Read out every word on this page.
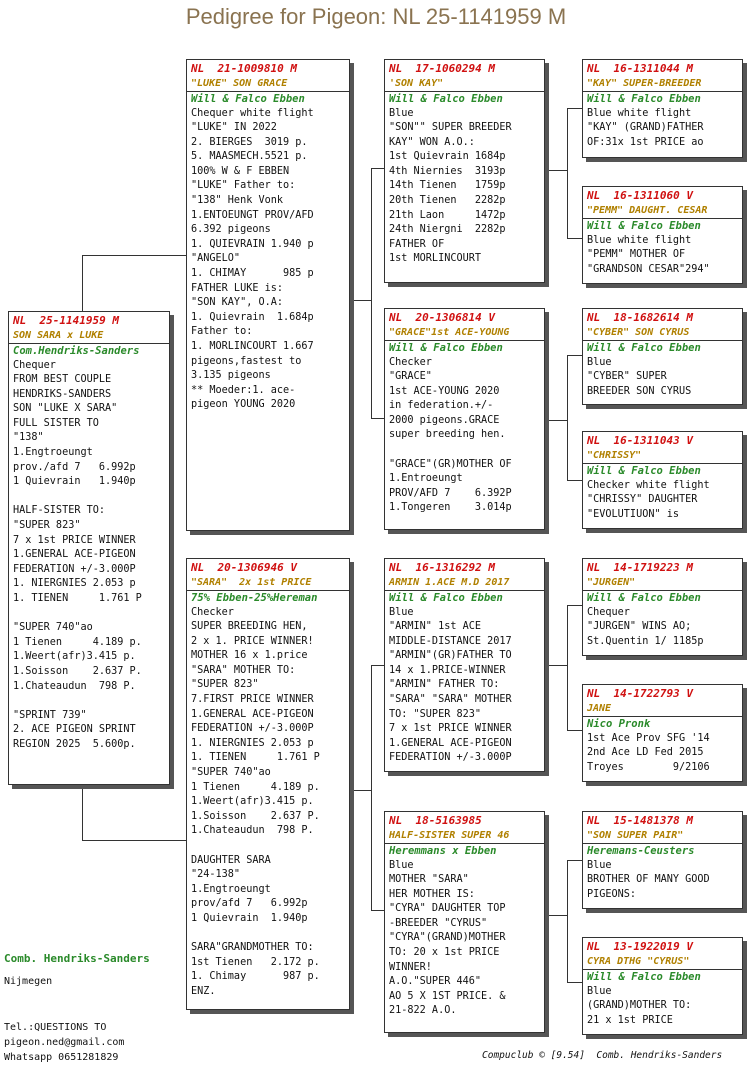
Pedigree for Pigeon: NL 25-1141959 M
NL  25-1141959 M
SON SARA x LUKE
Com.Hendriks-Sanders
Chequer
FROM BEST COUPLE
HENDRIKS-SANDERS
SON "LUKE X SARA"
FULL SISTER TO
"138"
1.Engtroeungt
prov./afd 7   6.992p
1 Quievrain   1.940p

HALF-SISTER TO:
"SUPER 823"
7 x 1st PRICE WINNER
1.GENERAL ACE-PIGEON
FEDERATION +/-3.000P
1. NIERGNIES 2.053 p
1. TIENEN     1.761 P

"SUPER 740"ao
1 Tienen     4.189 p.
1.Weert(afr)3.415 p.
1.Soisson    2.637 P.
1.Chateaudun  798 P.

"SPRINT 739"
2. ACE PIGEON SPRINT
REGION 2025  5.600p.
NL  21-1009810 M
"LUKE" SON GRACE
Will & Falco Ebben
Chequer white flight
"LUKE" IN 2022
2. BIERGES  3019 p.
5. MAASMECH.5521 p.
100% W & F EBBEN
"LUKE" Father to:
"138" Henk Vonk
1.ENTOEUNGT PROV/AFD
6.392 pigeons
1. QUIEVRAIN 1.940 p
"ANGELO"
1. CHIMAY      985 p
FATHER LUKE is:
"SON KAY", O.A:
1. Quievrain  1.684p
Father to:
1. MORLINCOURT 1.667
pigeons,fastest to
3.135 pigeons
** Moeder:1. ace-
pigeon YOUNG 2020
NL  20-1306946 V
"SARA"  2x 1st PRICE
75% Ebben-25%Hereman
Checker
SUPER BREEDING HEN,
2 x 1. PRICE WINNER!
MOTHER 16 x 1.price
"SARA" MOTHER TO:
"SUPER 823"
7.FIRST PRICE WINNER
1.GENERAL ACE-PIGEON
FEDERATION +/-3.000P
1. NIERGNIES 2.053 p
1. TIENEN     1.761 P
"SUPER 740"ao
1 Tienen     4.189 p.
1.Weert(afr)3.415 p.
1.Soisson    2.637 P.
1.Chateaudun  798 P.

DAUGHTER SARA
"24-138"
1.Engtroeungt
prov/afd 7   6.992p
1 Quievrain  1.940p

SARA"GRANDMOTHER TO:
1st Tienen   2.172 p.
1. Chimay      987 p.
ENZ.
NL  17-1060294 M
'SON KAY"
Will & Falco Ebben
Blue
"SON"" SUPER BREEDER
KAY" WON A.O.:
1st Quievrain 1684p
4th Niernies  3193p
14th Tienen   1759p
20th Tienen   2282p
21th Laon     1472p
24th Niergni  2282p
FATHER OF
1st MORLINCOURT
NL  20-1306814 V
"GRACE"1st ACE-YOUNG
Will & Falco Ebben
Checker
"GRACE"
1st ACE-YOUNG 2020
in federation.+/-
2000 pigeons.GRACE
super breeding hen.

"GRACE"(GR)MOTHER OF
1.Entroeungt
PROV/AFD 7    6.392P
1.Tongeren    3.014p
NL  16-1316292 M
ARMIN 1.ACE M.D 2017
Will & Falco Ebben
Blue
"ARMIN" 1st ACE
MIDDLE-DISTANCE 2017
"ARMIN"(GR)FATHER TO
14 x 1.PRICE-WINNER
"ARMIN" FATHER TO:
"SARA" "SARA" MOTHER
TO: "SUPER 823"
7 x 1st PRICE WINNER
1.GENERAL ACE-PIGEON
FEDERATION +/-3.000P
NL  18-5163985
HALF-SISTER SUPER 46
Heremmans x Ebben
Blue
MOTHER "SARA"
HER MOTHER IS:
"CYRA" DAUGHTER TOP
-BREEDER "CYRUS"
"CYRA"(GRAND)MOTHER
TO: 20 x 1st PRICE
WINNER!
A.O."SUPER 446"
AO 5 X 1ST PRICE. &
21-822 A.O.
NL  16-1311044 M
"KAY" SUPER-BREEDER
Will & Falco Ebben
Blue white flight
"KAY" (GRAND)FATHER
OF:31x 1st PRICE ao
NL  16-1311060 V
"PEMM" DAUGHT. CESAR
Will & Falco Ebben
Blue white flight
"PEMM" MOTHER OF
"GRANDSON CESAR"294"
NL  18-1682614 M
"CYBER" SON CYRUS
Will & Falco Ebben
Blue
"CYBER" SUPER
BREEDER SON CYRUS
NL  16-1311043 V
"CHRISSY"
Will & Falco Ebben
Checker white flight
"CHRISSY" DAUGHTER
"EVOLUTIUON" is
NL  14-1719223 M
"JURGEN"
Will & Falco Ebben
Chequer
"JURGEN" WINS AO;
St.Quentin 1/ 1185p
NL  14-1722793 V
JANE
Nico Pronk
1st Ace Prov SFG '14
2nd Ace LD Fed 2015
Troyes        9/2106
NL  15-1481378 M
"SON SUPER PAIR"
Heremans-Ceusters
Blue
BROTHER OF MANY GOOD
PIGEONS:
NL  13-1922019 V
CYRA DTHG "CYRUS"
Will & Falco Ebben
Blue
(GRAND)MOTHER TO:
21 x 1st PRICE
Comb. Hendriks-Sanders
Nijmegen
Tel.:QUESTIONS TO
pigeon.ned@gmail.com
Whatsapp 0651281829	Compuclub © [9.54]  Comb. Hendriks-Sanders
